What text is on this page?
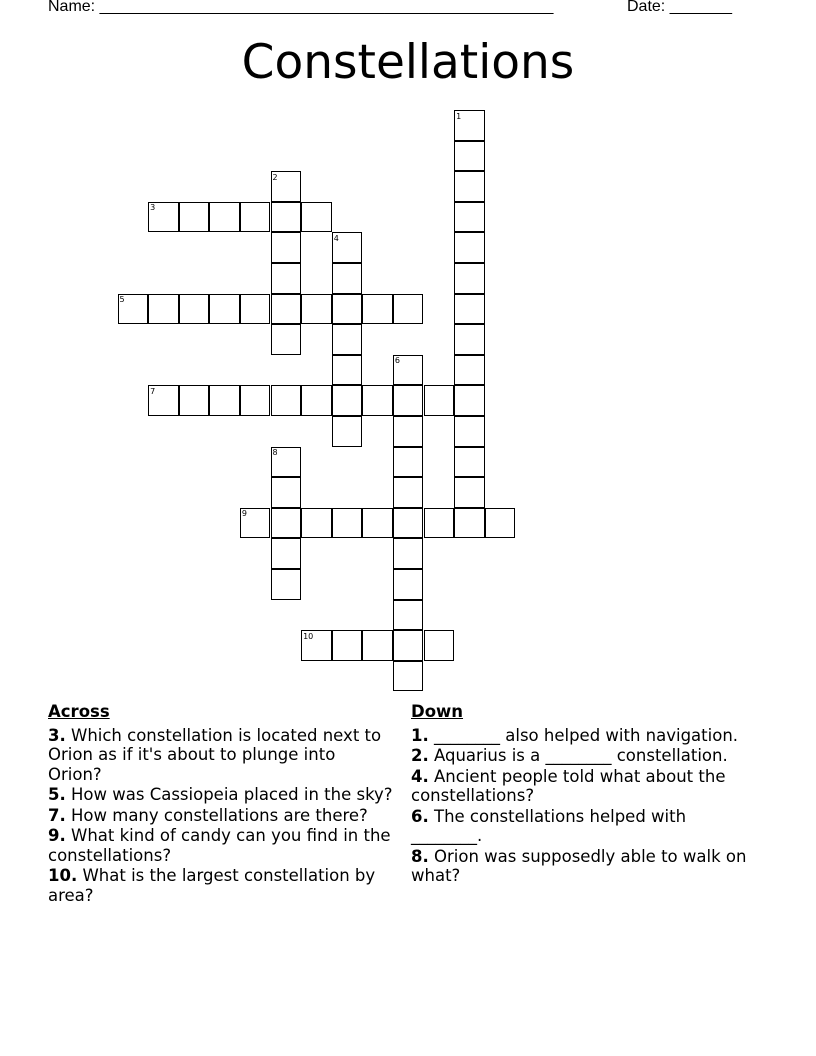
Name: ___________________________________________________	Date: _______
Constellations
1
2
3
4
5
6
7
8
9
10
Across
3. Which constellation is located next to Orion as if it's about to plunge into Orion?
5. How was Cassiopeia placed in the sky?
7. How many constellations are there?
9. What kind of candy can you find in the constellations?
10. What is the largest constellation by area?
Down
1. ________ also helped with navigation.
2. Aquarius is a ________ constellation.
4. Ancient people told what about the constellations?
6. The constellations helped with ________.
8. Orion was supposedly able to walk on what?
